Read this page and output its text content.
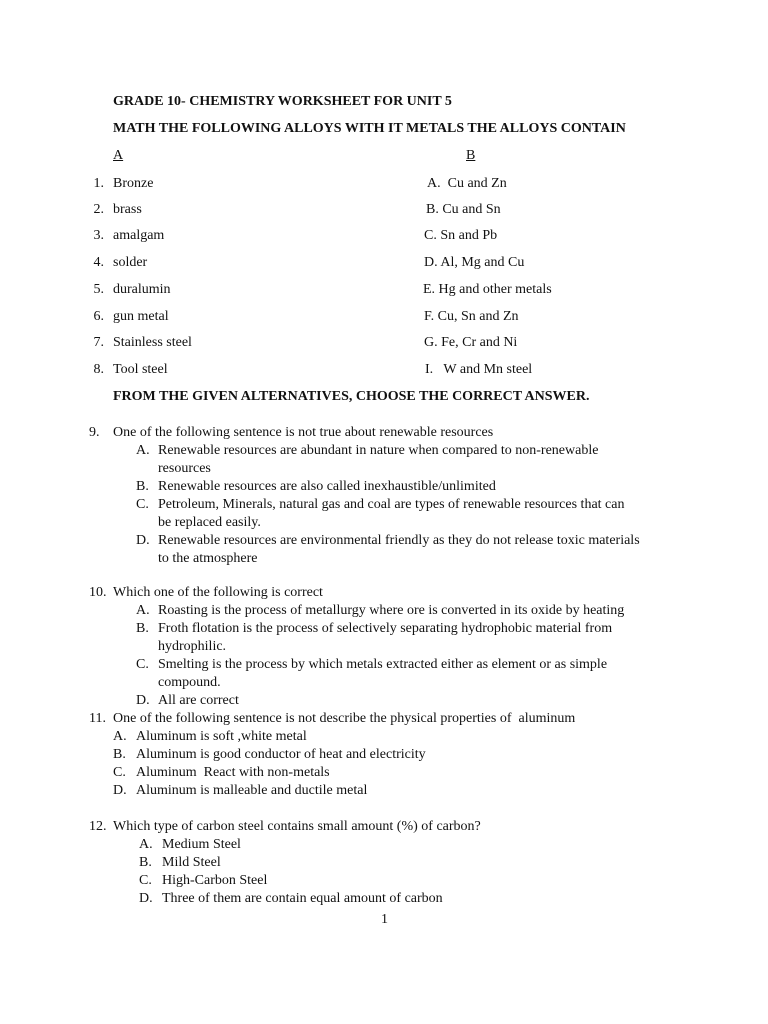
GRADE 10- CHEMISTRY WORKSHEET FOR UNIT 5
MATH THE FOLLOWING ALLOYS WITH IT METALS THE ALLOYS CONTAIN
A	B
1. Bronze	A.  Cu and Zn
2. brass	B. Cu and Sn
3. amalgam	C. Sn and Pb
4. solder	D. Al, Mg and Cu
5. duralumin	E. Hg and other metals
6. gun metal	F. Cu, Sn and Zn
7. Stainless steel	G. Fe, Cr and Ni
8. Tool steel	I.   W and Mn steel
FROM THE GIVEN ALTERNATIVES, CHOOSE THE CORRECT ANSWER.
9. One of the following sentence is not true about renewable resources
A. Renewable resources are abundant in nature when compared to non-renewable
resources
B. Renewable resources are also called inexhaustible/unlimited
C. Petroleum, Minerals, natural gas and coal are types of renewable resources that can
be replaced easily.
D. Renewable resources are environmental friendly as they do not release toxic materials
to the atmosphere
10. Which one of the following is correct
A. Roasting is the process of metallurgy where ore is converted in its oxide by heating
B. Froth flotation is the process of selectively separating hydrophobic material from
hydrophilic.
C. Smelting is the process by which metals extracted either as element or as simple
compound.
D. All are correct
11. One of the following sentence is not describe the physical properties of  aluminum
A. Aluminum is soft ,white metal
B. Aluminum is good conductor of heat and electricity
C. Aluminum  React with non-metals
D. Aluminum is malleable and ductile metal
12. Which type of carbon steel contains small amount (%) of carbon?
A. Medium Steel
B. Mild Steel
C. High-Carbon Steel
D. Three of them are contain equal amount of carbon
1
